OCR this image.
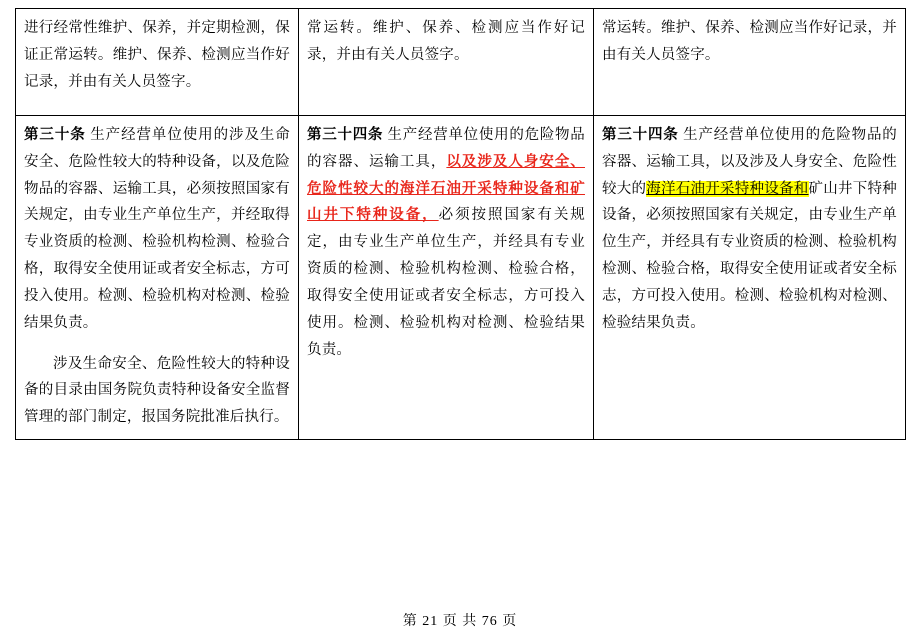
进行经常性维护、保养，并定期检测，保证正常运转。维护、保养、检测应当作好记录，并由有关人员签字。	常运转。维护、保养、检测应当作好记录，并由有关人员签字。	常运转。维护、保养、检测应当作好记录，并由有关人员签字。

第三十条 生产经营单位使用的涉及生命安全、危险性较大的特种设备，以及危险物品的容器、运输工具，必须按照国家有关规定，由专业生产单位生产，并经取得专业资质的检测、检验机构检测、检验合格，取得安全使用证或者安全标志，方可投入使用。检测、检验机构对检测、检验结果负责。

涉及生命安全、危险性较大的特种设备的目录由国务院负责特种设备安全监督管理的部门制定，报国务院批准后执行。	第三十四条 生产经营单位使用的危险物品的容器、运输工具，以及涉及人身安全、危险性较大的海洋石油开采特种设备和矿山井下特种设备，必须按照国家有关规定，由专业生产单位生产，并经具有专业资质的检测、检验机构检测、检验合格，取得安全使用证或者安全标志，方可投入使用。检测、检验机构对检测、检验结果负责。	第三十四条 生产经营单位使用的危险物品的容器、运输工具，以及涉及人身安全、危险性较大的海洋石油开采特种设备和矿山井下特种设备，必须按照国家有关规定，由专业生产单位生产，并经具有专业资质的检测、检验机构检测、检验合格，取得安全使用证或者安全标志，方可投入使用。检测、检验机构对检测、检验结果负责。

第 21 页 共 76 页
